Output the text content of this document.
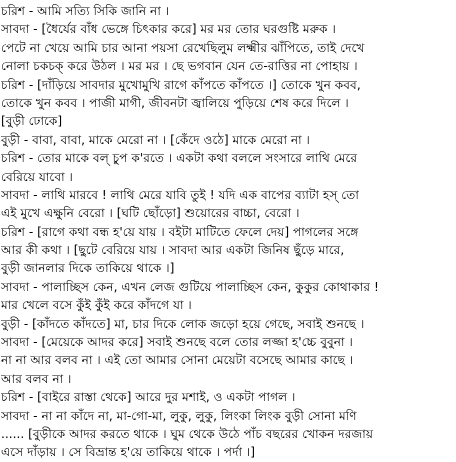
চরিশ - আমি সত্যি সিকি জানি না ।
সাবদা - [ধৈর্যের বাঁধ ভেঙ্গে চিৎকার করে] মর মর তোর ঘরগুষ্টি মরুক ।
পেটে না খেয়ে আমি চার আনা পয়সা রেখেছিলুম লক্ষ্মীর ঝাঁপিতে, তাই দেখে
নোলা চকচক্ করে উঠল । মর মর । ছে ভগবান যেন তে-রাত্তির না পোহায় ।
চরিশ - [দাঁড়িয়ে সাবদার মুখোমুখি রাগে কাঁপতে কাঁপতে ।] তোকে খুন কবব,
তোকে খুন কবব । পাজী মাগী, জীবনটা জ্বালিয়ে পুড়িয়ে শেষ করে দিলে ।
[বুড়ী ঢোকে]
বুড়ী - বাবা, বাবা, মাকে মেরো না । [কেঁদে ওঠে] মাকে মেরো না ।
চরিশ - তোর মাকে বল্ চুপ ক'রতে । একটা কথা বললে সংসারে লাথি মেরে
বেরিয়ে যাবো ।
সাবদা - লাথি মারবে ! লাথি মেরে যাবি তুই ! যদি এক বাপের ব্যাটা হস্ তো
এই মুখে এক্ষুনি বেরো । [ঘটি ছোঁড়ো] শুয়োরের বাচ্চা, বেরো ।
চরিশ - [রাগে কথা বন্ধ হ'য়ে যায় । বইটা মাটিতে ফেলে দেয়] পাগলের সঙ্গে
আর কী কথা । [ছুটে বেরিয়ে যায় । সাবদা আর একটা জিনিষ ছুঁড়ে মারে,
বুড়ী জানলার দিকে তাকিয়ে থাকে ।]
সাবদা - পালাচ্ছিস কেন, এখন লেজ গুটিয়ে পালাচ্ছিস কেন, কুকুর কোথাকার !
মার খেলে বসে কুঁই কুঁই করে কাঁদগে যা ।
বুড়ী - [কাঁদতে কাঁদতে] মা, চার দিকে লোক জড়ো হয়ে গেছে, সবাই শুনছে ।
সাবদা - [মেয়েকে আদর করে] সবাই শুনছে বলে তোর লজ্জা হ'চ্চে বুবুনা ।
না না আর বলব না । এই তো আমার সোনা মেয়েটা বসেছে আমার কাছে ।
আর বলব না ।
চরিশ - [বাইরে রাস্তা থেকে] আরে দুর মশাই, ও একটা পাগল ।
সাবদা - না না কাঁদে না, মা-গো-মা, লুকু, লুকু, লিংকা লিংক বুড়ী সোনা মণি
...... [বুড়ীকে আদর করতে থাকে । ঘুম থেকে উঠে পাঁচ বছরের খোকন দরজায়
এসে দাঁড়ায় । সে বিভ্রান্ত হ'য়ে তাকিয়ে থাকে । পর্দা ।]
